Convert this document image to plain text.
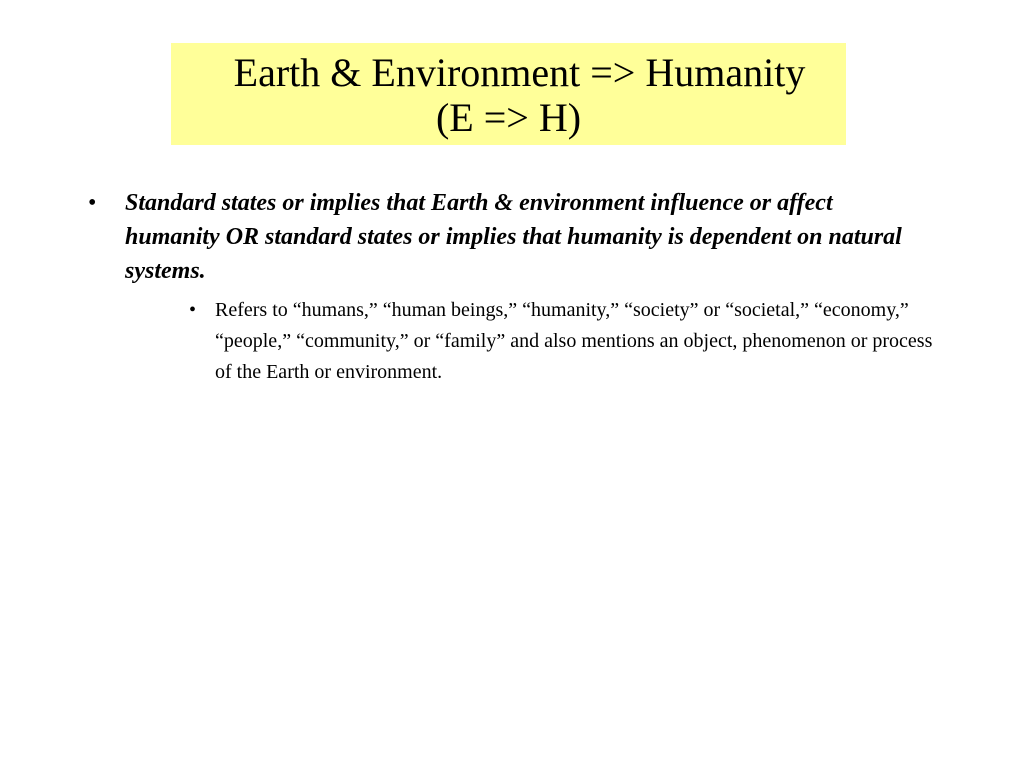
Earth & Environment => Humanity
(E => H)
• Standard states or implies that Earth & environment influence or affect humanity OR standard states or implies that humanity is dependent on natural systems.
• Refers to “humans,” “human beings,” “humanity,” “society” or “societal,” “economy,” “people,” “community,” or “family” and also mentions an object, phenomenon or process of the Earth or environment.
